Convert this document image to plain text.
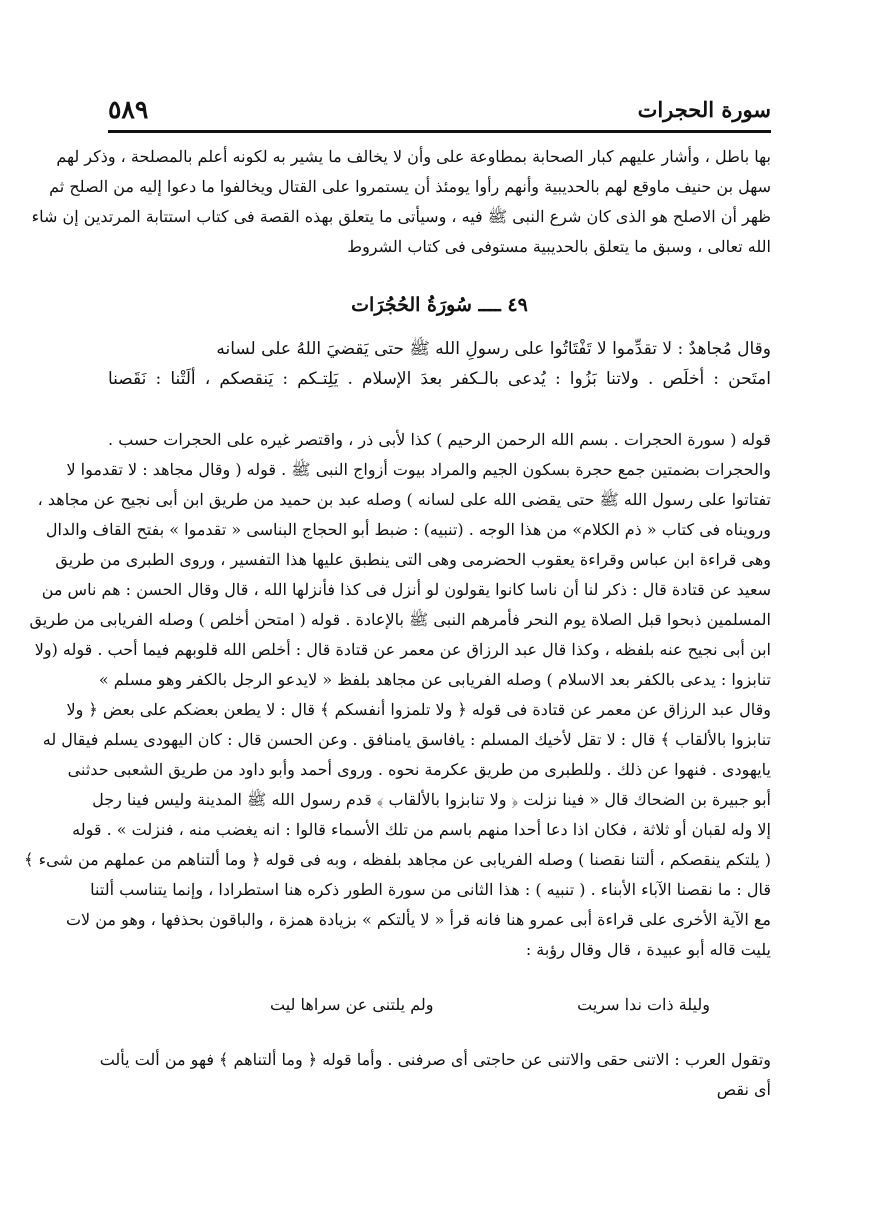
٥٨٩	سورة الحجرات
بها باطل ، وأشار عليهم كبار الصحابة بمطاوعة على وأن لا يخالف ما يشير به لكونه أعلم بالمصلحة ، وذكر لهم
سهل بن حنيف ماوقع لهم بالحديبية وأنهم رأوا يومئذ أن يستمروا على القتال ويخالفوا ما دعوا إليه من الصلح ثم
ظهر أن الاصلح هو الذى كان شرع النبى ﷺ فيه ، وسيأتى ما يتعلق بهذه القصة فى كتاب استتابة المرتدين إن شاء
الله تعالى ، وسبق ما يتعلق بالحديبية مستوفى فى كتاب الشروط
٤٩ ــــ سُورَةُ الحُجُرَات
وقال مُجاهدٌ : لا تقدِّموا لا تَفْتَاتُوا على رسولِ الله ﷺ حتى يَقضيَ اللهُ على لسانه
امتَحن : أخلَص . ولاتنا بَزُوا : يُدعى بالـكفر بعدَ الإسلام . يَلِتـكم : يَنقصكم ، ألَتْنا : نَقَصنا
قوله ( سورة الحجرات . بسم الله الرحمن الرحيم ) كذا لأبى ذر ، واقتصر غيره على الحجرات حسب .
والحجرات بضمتين جمع حجرة بسكون الجيم والمراد بيوت أزواج النبى ﷺ . قوله ( وقال مجاهد : لا تقدموا لا
تفتاتوا على رسول الله ﷺ حتى يقضى الله على لسانه ) وصله عبد بن حميد من طريق ابن أبى نجيح عن مجاهد ،
ورويناه فى كتاب « ذم الكلام» من هذا الوجه . (تنبيه) : ضبط أبو الحجاج البناسى « تقدموا » بفتح القاف والدال
وهى قراءة ابن عباس وقراءة يعقوب الحضرمى وهى التى ينطبق عليها هذا التفسير ، وروى الطبرى من طريق
سعيد عن قتادة قال : ذكر لنا أن ناسا كانوا يقولون لو أنزل فى كذا فأنزلها الله ، قال وقال الحسن : هم ناس من
المسلمين ذبحوا قبل الصلاة يوم النحر فأمرهم النبى ﷺ بالإعادة . قوله ( امتحن أخلص ) وصله الفريابى من طريق
ابن أبى نجيح عنه بلفظه ، وكذا قال عبد الرزاق عن معمر عن قتادة قال : أخلص الله قلوبهم فيما أحب . قوله (ولا
تنابزوا : يدعى بالكفر بعد الاسلام ) وصله الفريابى عن مجاهد بلفظ « لايدعو الرجل بالكفر وهو مسلم »
وقال عبد الرزاق عن معمر عن قتادة فى قوله ﴿ ولا تلمزوا أنفسكم ﴾ قال : لا يطعن بعضكم على بعض ﴿ ولا
تنابزوا بالألقاب ﴾ قال : لا تقل لأخيك المسلم : يافاسق يامنافق . وعن الحسن قال : كان اليهودى يسلم فيقال له
يايهودى . فنهوا عن ذلك . وللطبرى من طريق عكرمة نحوه . وروى أحمد وأبو داود من طريق الشعبى حدثنى
أبو جبيرة بن الضحاك قال « فينا نزلت ﴿ ولا تنابزوا بالألقاب ﴾ قدم رسول الله ﷺ المدينة وليس فينا رجل
إلا وله لقبان أو ثلاثة ، فكان اذا دعا أحدا منهم باسم من تلك الأسماء قالوا : انه يغضب منه ، فنزلت » . قوله
( يلتكم ينقصكم ، ألتنا نقصنا ) وصله الفريابى عن مجاهد بلفظه ، وبه فى قوله ﴿ وما ألتناهم من عملهم من شىء ﴾
قال : ما نقصنا الآباء الأبناء . ( تنبيه ) : هذا الثانى من سورة الطور ذكره هنا استطرادا ، وإنما يتناسب ألتنا
مع الآية الأخرى على قراءة أبى عمرو هنا فانه قرأ « لا يألتكم » بزيادة همزة ، والباقون بحذفها ، وهو من لات
يليت قاله أبو عبيدة ، قال وقال رؤبة :
وليلة ذات ندا سريت
ولم يلتنى عن سراها ليت
وتقول العرب : الاتنى حقى والاتنى عن حاجتى أى صرفنى . وأما قوله ﴿ وما ألتناهم ﴾ فهو من ألت يألت
أى نقص
